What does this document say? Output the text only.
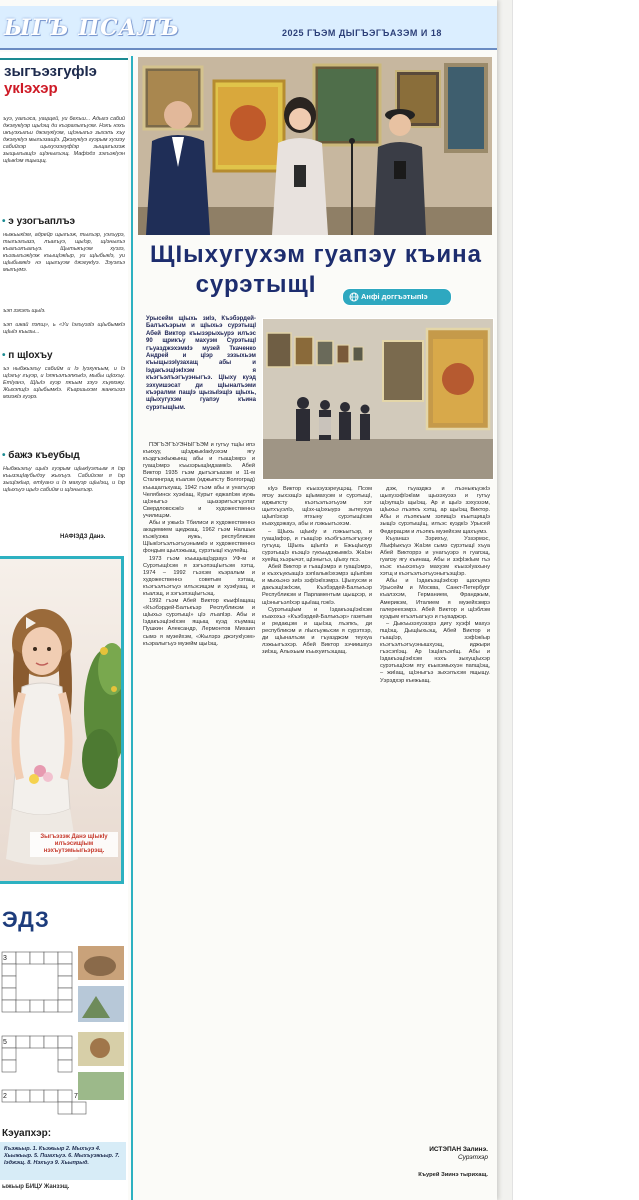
ЫГЪ ПСАЛЪ	2025 ГЪЭМ ДЫГЪЭГЪАЗЭМ И 18
зыгъэзгуфIэ
укIэхэр
ъуэ, уагъэса, уацщей, уи бехъш... Адыгэ сабий джэгукIуэр щыIэщ ди къэралыгъуэм. Нэхъ нэхъ икъуэхыгъи джэгукIуэм, щIэныгъэ зыхэлъ хъу джэгукIуэ мыгъэзащIэ. ДжэгукIуэ гуэрым хуэзэу сабийхэр щыхуэзэгуфIэр зыщагъэзэж зыщыгъащIэ щIэныгъэщ. Мафiэдз зэгъэкIуэн щIыкIэм ящыщщ.
• э узогъаплъэ
ныжьыкIэм, адрейр щыгъэж, тыгъэр, уэгъурэ, тыгъэгъазэ, лъагъуэ, щыIэр, щIэныгъэ къагъэлъагъуэ. Щытыкъуэм хуэзэ, къэзыгъэкIуэж къыщIэкIыр, уи щIыбыкIэ, уи щIыбымкIэ нэ щыгъуэм джэгукIуэ. Зэуэгъэ мыхъумэ.
ъэп зэхэлъ щыIэ.
ъэп шкай пэпщ», ь «Уи IэгъуэзIэ щIыбымкIэ щIыIэ къызы...
• п щIохъу
ъэ ныбжьэгъу сабийм и Iэ Iуэхукъым, и Iэ щIэгъу гъуэр, и IэпкъэлъэпкъкIэ, мыбы щIохъу. ЕтIуанэ, ЩIыIэ гуэр пкъым зэуэ хъумэжу. ЖыхэпщIэ щIыбымкIэ. Къаршыхэм жанкъэзэ мэзэкIэ гуэрэ.
• бажэ къеубыд
Ныбжьэгъу щыIэ гуэрым щIыкIуэлъым я Iэр къызэщIаубыдэу жыхъуэ. Сабийхэм я Iэр зыщIэкIыр, етIуанэ и Iэ махуэр щIыIэщ, и Iэр щIыхъуэ щыIэ сабийм и щIэныгъэр.
НАФIЭДЗ Данэ.
Зыгъэзэж Данэ щIыкIу илъэсищIым нэхъутэмьыгьэрэщ.
ЭДЗ
3
5
7
2
Кэуапхэр:
Къэжьыр. 1. Къэжьыр 2. Мыхъуэ 4. Хьыжьыр. 5. Пшахъуэ. 6. Мыхъуэжьыр. 7. Iэджэщ. 8. Нэхъуэ 9. Хьыпрыд.
ыжьыр БИЦУ Жанзэщ.
ЩIыхугухэм гуапэу къина
сурэтыщI	Анфi доггъэтыпIэ
Урысейм щIыхь зиIэ, Къэбэрдей-Балъкъэрым и щIыхьэ сурэтыщI Абей Виктор къызэрыхьурэ илъэс 90 щрикъу махуэм СурэтыщI гъуазджэхэмкIэ музей Ткаченко Андрей и цIэр зэзыхьэм къыщызэIузахащ абы и IэдакъэщIэкIхэм я къэгъэлъэгъуэныгъэ. ЦIыху куэд зэхуишэсат ди щIыналъэми къэралми пащIэ щызыIэщIэ щIыхь, щIыхугухэм гуапэу къина сурэтыщIым.

ПЭГЪЭГЪУЭНЫГЪЭМ и гугъу тщIы ипэ къихуу, щIэджыкIакIуэхэм ягу къэдгъэкIыжынщ абы и гъащIэмрэ и гуащIэмрэ къызэрыщIидзамкIэ. Абей Виктор 1935 гъэм дыгъэгъазэм и 11-м Сталинград къалэм (иджыпсту Волгоград) къыщалъхуащ. 1942 гъэм абы и унагъуэр Челябинск хуэкIащ, Курыт еджапIэм иужь щIэныгъэ щызэригъэгъуэтат СвердловскэкIэ и художественнэ училищэм.

Абы и ужькIэ Тбилиси и художественнэ академием щеджащ. 1962 гъэм Налшык къэкIуэжа иужь, республикэм ЩIыкIэгъэлъэгъуэнымкIэ и художественнэ фондым щылэжьащ, сурэтыщI къулейщ.

1973 гъэм къыщыщIэдзауэ УФ-м и СурэтыщIхэм я зэгъэпэщIыгъэм хэтщ. 1974 – 1992 гъэхэм къэралым и художественнэ советым хэтащ, къэгъэлъэгъуэ илъэсищэм и хуэкIуащ, и къалэщ, и зэгъэпэщIыгъэщ.

1992 гъэм Абей Виктор къыфIащащ «Къэбэрдей-Балъкъэр Республикэм и щIыхьэ сурэтыщI» цIэ лъапIэр. Абы и IэдакъэщIэкIхэм ящыщ куэд хъумащ Пушкин Александр, Лермонтов Михаил сымэ я музейхэм, «Жылэрэ джэгукIуэм» къэралыгъуэ музейм щыIэщ.

кIуэ Виктор къызэузэреущэщ. Псом япэу зыхэзщIэ щIымахуэм и сурэтыщI, иджыпсту къэгъэлъэгъуэм хэт щытхъуэлIэ, щIэх-щIэхыурэ зытеухуа щIыпIэхэр ятхыну сурэтыщIхэм къахудэжауэ, абы и лэжьыгъэхэм.

– ЩIыхь щIыкIу и лэжьыгъэр, и гуащIафэр, и гъащIэр къэбгъэлъэгъуэну гугъущ. ЩIыхь щIыпIэ и ЕжьцIыхур сурэтыщIэ къэщIэ гукъыдэжымкIэ. ЖаIэн хуейщ хьэрычэт, щIэныгъэ, цIыху псэ.

Абей Виктор и гъащIэмрэ и гуащIэмрэ, и къэхъукъащIэ зэпIалыкIэхэмрэ щIыпIэм и мыхьэнэ зиIэ зэфIэкIхэмрэ. ЦIыхухэм и дакъэщIэкIхэм, Къэбэрдей-Балъкъэр Республикэм и Парламентым щыщхэр, и щIэныгъэлIхэр щыIащ пэкIэ.

СурэтыщIым и IэдакъэщIэкIхэм къахохьэ «Къэбэрдей-Балъкъэр» газетым и редакцэм и щыIэщ лъэпкъ, ди республикэм и лIыхъужьхэм я сурэтхэр, ди щIыналъэм и гъуазджэм теухуа лэжьыгъэхэр. Абей Виктор зэчиишхуэ зиIэщ, Алыхьым къыхуигъэщащ.

дэж, гъуазджэ и лъэныкъуэкIэ щыхузэфIэкIам щызэхуэзэ и гугъу щIэупщIэ щыIэщ. Ар и щыIэ зэхуэзэм, щIыхьэ лъэпкъ хэтщ, ар щыIэщ Виктор. Абы и лъэпкъым зэпищIэ къытщищIэ зыщIэ сурэтыщIщ, илъэс куэдкIэ Урысей Федерацэм и лъэпкъ музейхэм щахъумэ.

Къуаншэ Зэрихъу, Уэзэрмэс, ЛIыфIыкъуэ ЖаIэм сымэ сурэтыщI хъуа Абей Викторрэ и унагъуэрэ я гуапэщ, гуапэу ягу къинащ. Абы и зэфIэкIым гъэ къэс къыхэхъуэ махуэм къызэIуахыну хэтщ и къэгъэлъэгъуэныгъэщIэр.

Абы и IэдакъэщIэкIхэр щахъумэ Урысейм и Москва, Санкт-Петербург къалэхэм, Германием, Франджым, Америкэм, Италием я музейхэмрэ галереехэмрэ. Абей Виктор и щIэблэм куэдым егъэлъагъуэ и гъуазджэр.

– Дыкъызэхуэзэрэ дигу хуэфI махуэ пщIэщ. ДыщIыхьэщ, Абей Виктор и гъащIэр, зэфIэкIыр къэгъэлъэгъуэнышхуэщ, иджыри гъэсэпIэщ. Ар IэщIагъэлIщ. Абы и IэдакъэщIэкIхэм нэхъ зыхущIыхэр сурэтыщIхэм ягу къыхэмыхуэн папщIэщ, – жиIащ, щIэныгъэ зыхэлъхэм ящыщу. Уэрэдхэр къежьащ.

ИСТЭПАН Залинэ.
Сурэтхэр
Къурей Зиинэ тырихащ.
